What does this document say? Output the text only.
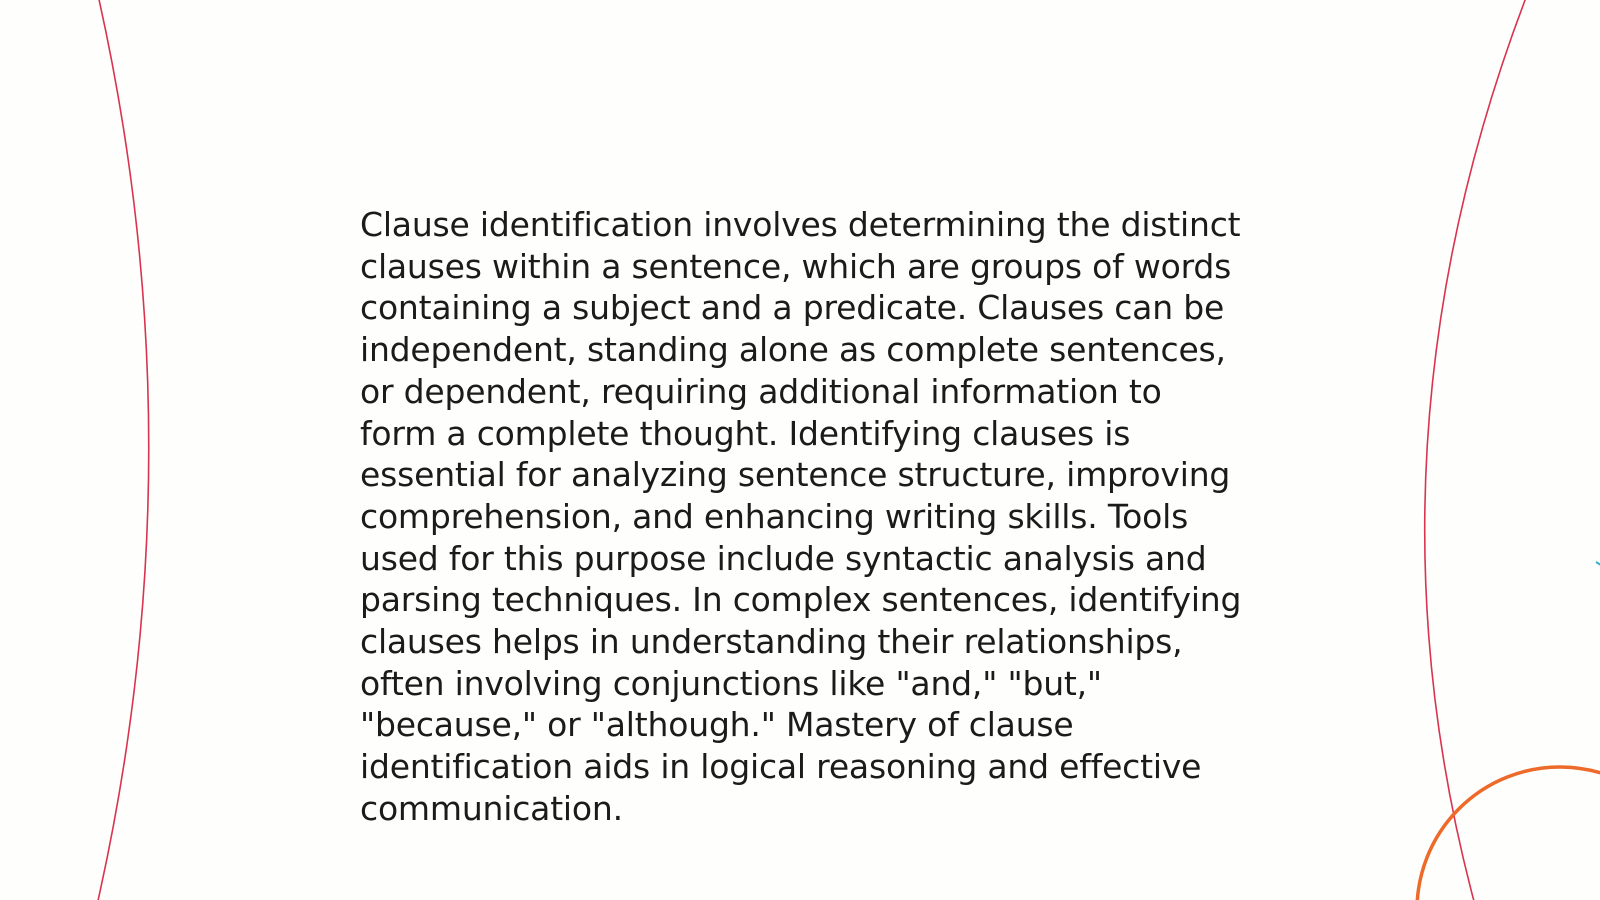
Clause identification involves determining the distinct
clauses within a sentence, which are groups of words
containing a subject and a predicate. Clauses can be
independent, standing alone as complete sentences,
or dependent, requiring additional information to
form a complete thought. Identifying clauses is
essential for analyzing sentence structure, improving
comprehension, and enhancing writing skills. Tools
used for this purpose include syntactic analysis and
parsing techniques. In complex sentences, identifying
clauses helps in understanding their relationships,
often involving conjunctions like "and," "but,"
"because," or "although." Mastery of clause
identification aids in logical reasoning and effective
communication.
